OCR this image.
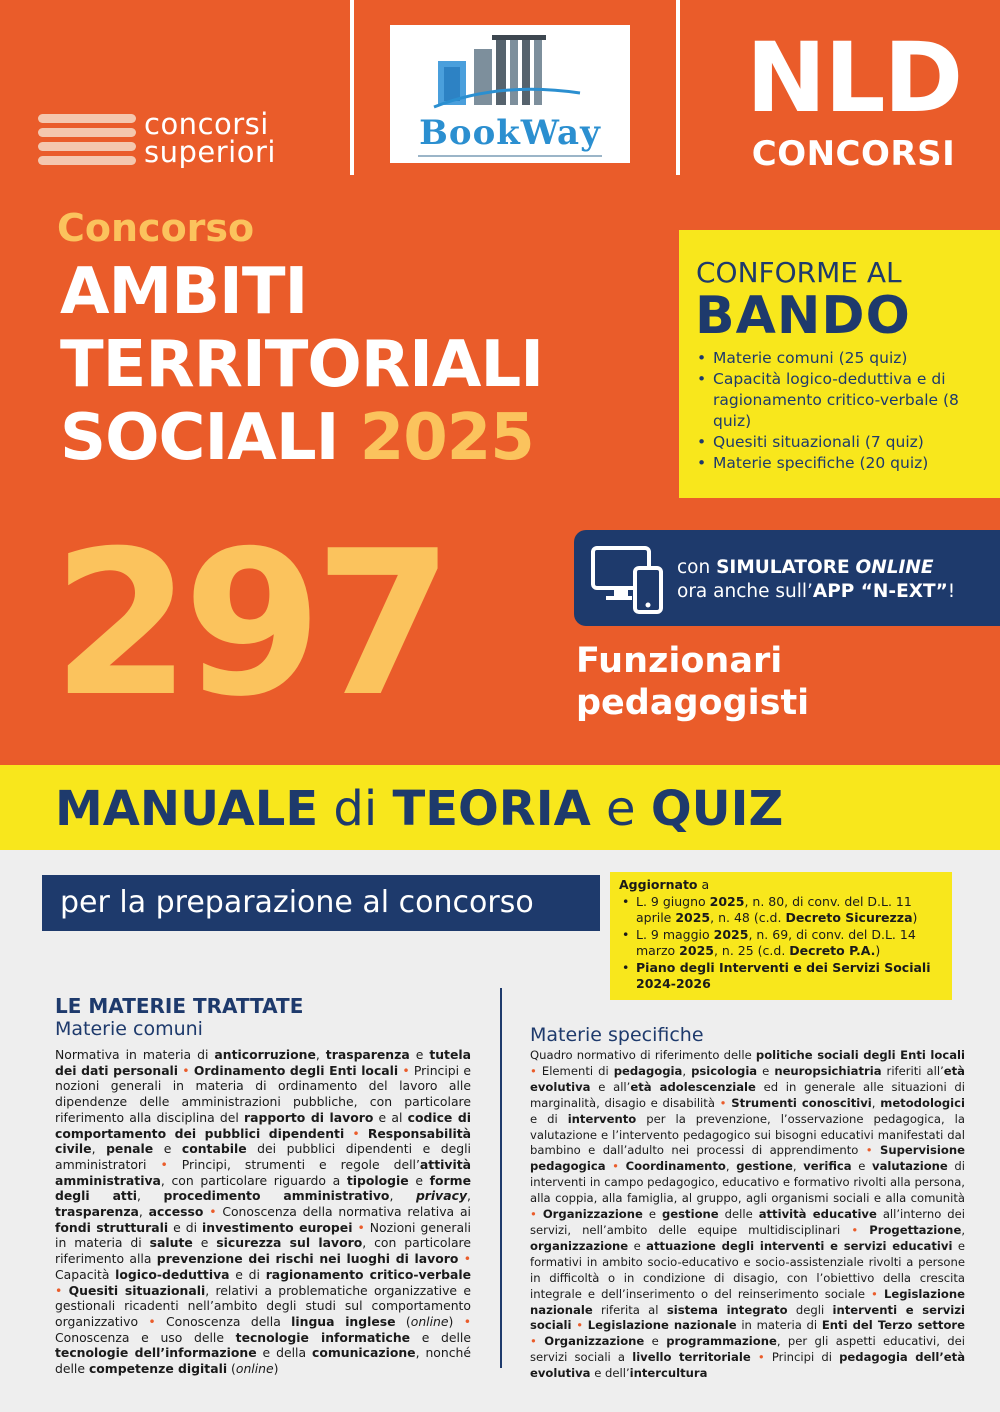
concorsi
superiori	BookWay	NLD
CONCORSI
Concorso
AMBITI
TERRITORIALI
SOCIALI 2025
CONFORME AL
BANDO
• Materie comuni (25 quiz)
• Capacità logico-deduttiva e di ragionamento critico-verbale (8 quiz)
• Quesiti situazionali (7 quiz)
• Materie specifiche (20 quiz)
297	con SIMULATORE ONLINE
ora anche sull’APP “N-EXT”!
Funzionari
pedagogisti
MANUALE di TEORIA e QUIZ
per la preparazione al concorso
Aggiornato a
• L. 9 giugno 2025, n. 80, di conv. del D.L. 11 aprile 2025, n. 48 (c.d. Decreto Sicurezza)
• L. 9 maggio 2025, n. 69, di conv. del D.L. 14 marzo 2025, n. 25 (c.d. Decreto P.A.)
• Piano degli Interventi e dei Servizi Sociali 2024-2026
LE MATERIE TRATTATE
Materie comuni	Materie specifiche
Normativa in materia di anticorruzione, trasparenza e tutela dei dati personali • Ordinamento degli Enti locali • Principi e nozioni generali in materia di ordinamento del lavoro alle dipendenze delle amministrazioni pubbliche, con particolare riferimento alla disciplina del rapporto di lavoro e al codice di comportamento dei pubblici dipendenti • Responsabilità civile, penale e contabile dei pubblici dipendenti e degli amministratori • Principi, strumenti e regole dell’attività amministrativa, con particolare riguardo a tipologie e forme degli atti, procedimento amministrativo, privacy, trasparenza, accesso • Conoscenza della normativa relativa ai fondi strutturali e di investimento europei • Nozioni generali in materia di salute e sicurezza sul lavoro, con particolare riferimento alla prevenzione dei rischi nei luoghi di lavoro • Capacità logico-deduttiva e di ragionamento critico-verbale • Quesiti situazionali, relativi a problematiche organizzative e gestionali ricadenti nell’ambito degli studi sul comportamento organizzativo • Conoscenza della lingua inglese (online) • Conoscenza e uso delle tecnologie informatiche e delle tecnologie dell’informazione e della comunicazione, nonché delle competenze digitali (online)
Quadro normativo di riferimento delle politiche sociali degli Enti locali • Elementi di pedagogia, psicologia e neuropsichiatria riferiti all’età evolutiva e all’età adolescenziale ed in generale alle situazioni di marginalità, disagio e disabilità • Strumenti conoscitivi, metodologici e di intervento per la prevenzione, l’osservazione pedagogica, la valutazione e l’intervento pedagogico sui bisogni educativi manifestati dal bambino e dall’adulto nei processi di apprendimento • Supervisione pedagogica • Coordinamento, gestione, verifica e valutazione di interventi in campo pedagogico, educativo e formativo rivolti alla persona, alla coppia, alla famiglia, al gruppo, agli organismi sociali e alla comunità • Organizzazione e gestione delle attività educative all’interno dei servizi, nell’ambito delle equipe multidisciplinari • Progettazione, organizzazione e attuazione degli interventi e servizi educativi e formativi in ambito socio-educativo e socio-assistenziale rivolti a persone in difficoltà o in condizione di disagio, con l’obiettivo della crescita integrale e dell’inserimento o del reinserimento sociale • Legislazione nazionale riferita al sistema integrato degli interventi e servizi sociali • Legislazione nazionale in materia di Enti del Terzo settore • Organizzazione e programmazione, per gli aspetti educativi, dei servizi sociali a livello territoriale • Principi di pedagogia dell’età evolutiva e dell’intercultura
